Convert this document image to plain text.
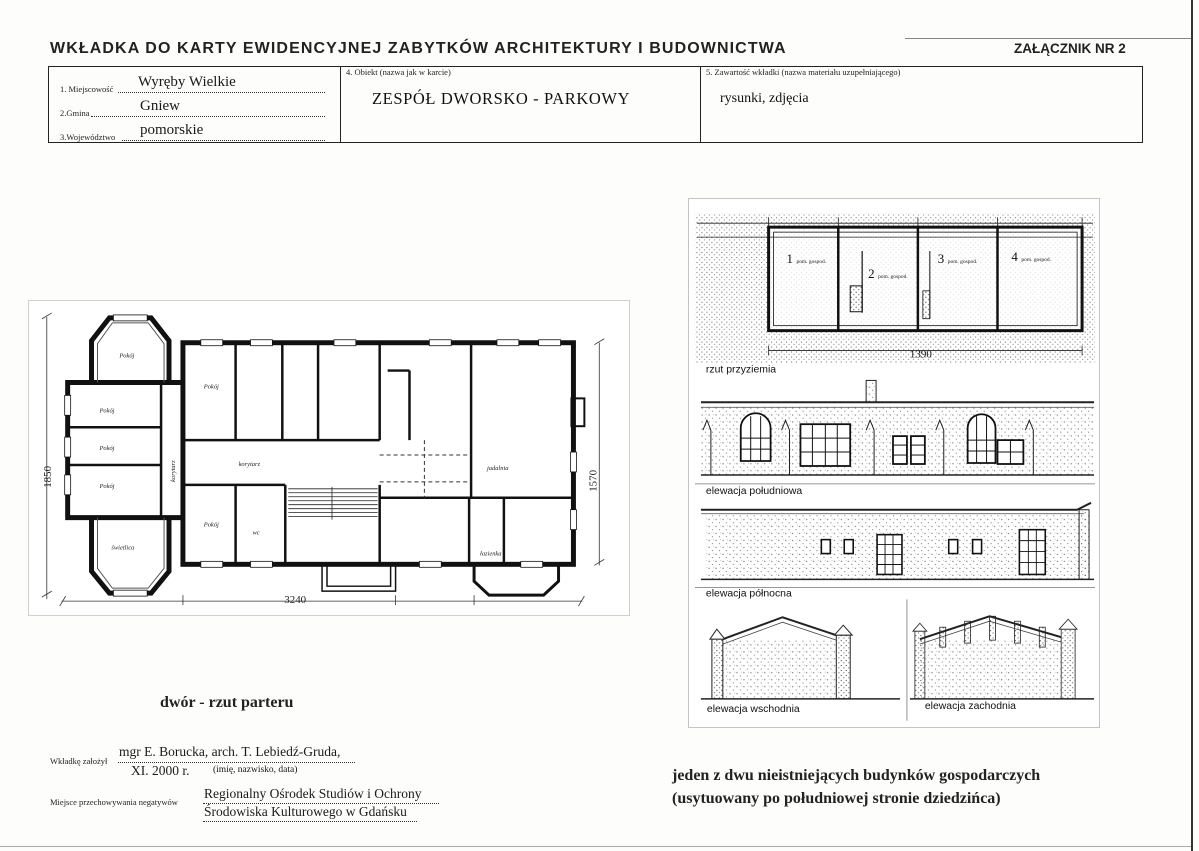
WKŁADKA DO KARTY EWIDENCYJNEJ ZABYTKÓW ARCHITEKTURY I BUDOWNICTWA	ZAŁĄCZNIK NR 2
1. Miejscowość Wyręby Wielkie
2.Gmina	Gniew
3.Województwo pomorskie
4. Obiekt (nazwa jak w karcie)
ZESPÓŁ DWORSKO - PARKOWY
5. Zawartość wkładki (nazwa materiału uzupełniającego)
rysunki, zdjęcia
1850	1570
3240
Pokój
Pokój
Pokój
Pokój
świetlica
korytarz
Pokój
korytarz
jadalnia
Pokój
wc
łazienka
dwór - rzut parteru
1
2
3	4
pom. gospod.
pom. gospod.
pom. gospod.	pom. gospod.
1390
rzut przyziemia
elewacja południowa
elewacja północna
elewacja wschodnia	elewacja zachodnia
Wkładkę założył
mgr E. Borucka, arch. T. Lebiedź-Gruda,
XI. 2000 r. (imię, nazwisko, data)
Miejsce przechowywania negatywów
Regionalny Ośrodek Studiów i Ochrony
Środowiska Kulturowego w Gdańsku
jeden z dwu nieistniejących budynków gospodarczych
(usytuowany po południowej stronie dziedzińca)
